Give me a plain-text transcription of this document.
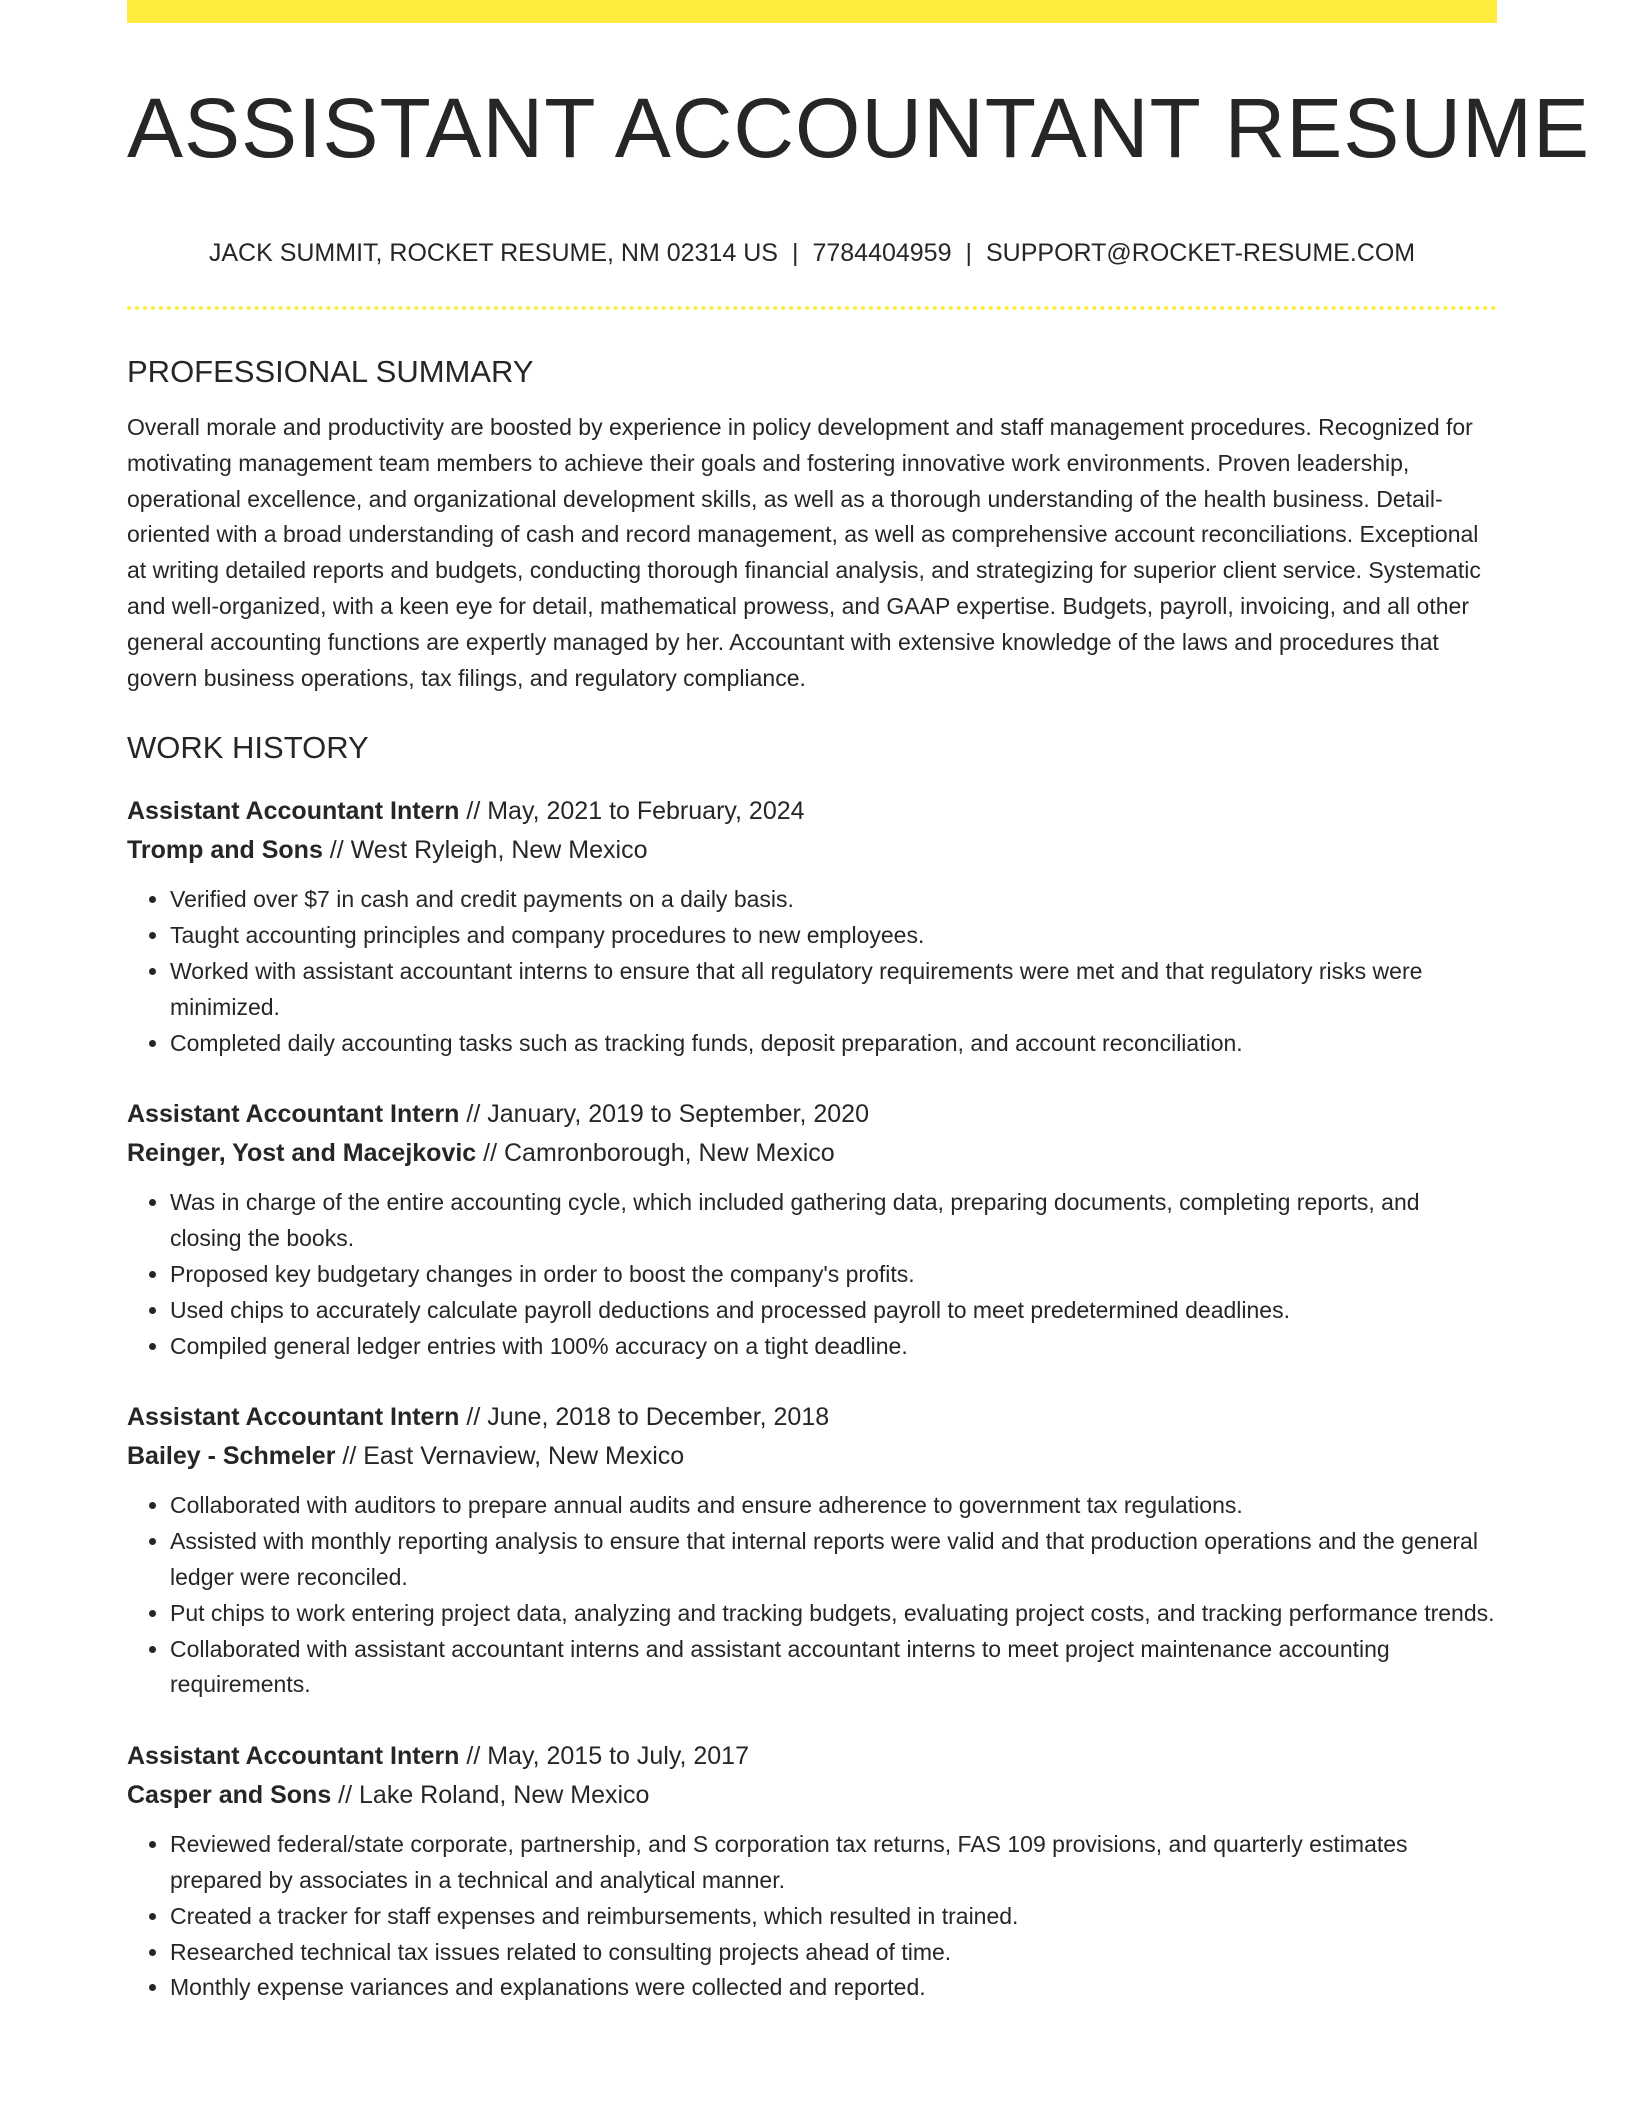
ASSISTANT ACCOUNTANT RESUME
JACK SUMMIT, ROCKET RESUME, NM 02314 US | 7784404959 | SUPPORT@ROCKET-RESUME.COM
PROFESSIONAL SUMMARY

Overall morale and productivity are boosted by experience in policy development and staff management procedures. Recognized for motivating management team members to achieve their goals and fostering innovative work environments. Proven leadership, operational excellence, and organizational development skills, as well as a thorough understanding of the health business. Detail-oriented with a broad understanding of cash and record management, as well as comprehensive account reconciliations. Exceptional at writing detailed reports and budgets, conducting thorough financial analysis, and strategizing for superior client service. Systematic and well-organized, with a keen eye for detail, mathematical prowess, and GAAP expertise. Budgets, payroll, invoicing, and all other general accounting functions are expertly managed by her. Accountant with extensive knowledge of the laws and procedures that govern business operations, tax filings, and regulatory compliance.

WORK HISTORY
Assistant Accountant Intern // May, 2021 to February, 2024
Tromp and Sons // West Ryleigh, New Mexico
• Verified over $7 in cash and credit payments on a daily basis.
• Taught accounting principles and company procedures to new employees.
• Worked with assistant accountant interns to ensure that all regulatory requirements were met and that regulatory risks were minimized.
• Completed daily accounting tasks such as tracking funds, deposit preparation, and account reconciliation.
Assistant Accountant Intern // January, 2019 to September, 2020
Reinger, Yost and Macejkovic // Camronborough, New Mexico
• Was in charge of the entire accounting cycle, which included gathering data, preparing documents, completing reports, and closing the books.
• Proposed key budgetary changes in order to boost the company's profits.
• Used chips to accurately calculate payroll deductions and processed payroll to meet predetermined deadlines.
• Compiled general ledger entries with 100% accuracy on a tight deadline.
Assistant Accountant Intern // June, 2018 to December, 2018
Bailey - Schmeler // East Vernaview, New Mexico
• Collaborated with auditors to prepare annual audits and ensure adherence to government tax regulations.
• Assisted with monthly reporting analysis to ensure that internal reports were valid and that production operations and the general ledger were reconciled.
• Put chips to work entering project data, analyzing and tracking budgets, evaluating project costs, and tracking performance trends.
• Collaborated with assistant accountant interns and assistant accountant interns to meet project maintenance accounting requirements.
Assistant Accountant Intern // May, 2015 to July, 2017
Casper and Sons // Lake Roland, New Mexico
• Reviewed federal/state corporate, partnership, and S corporation tax returns, FAS 109 provisions, and quarterly estimates prepared by associates in a technical and analytical manner.
• Created a tracker for staff expenses and reimbursements, which resulted in trained.
• Researched technical tax issues related to consulting projects ahead of time.
• Monthly expense variances and explanations were collected and reported.
